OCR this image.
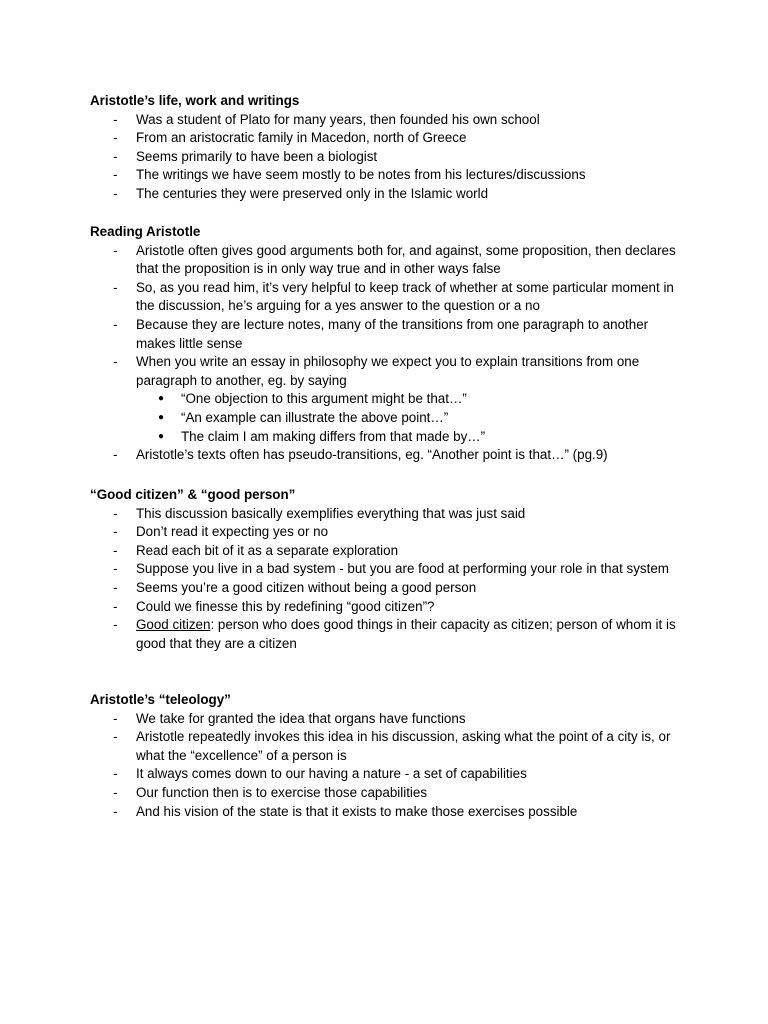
Aristotle’s life, work and writings
- Was a student of Plato for many years, then founded his own school
- From an aristocratic family in Macedon, north of Greece
- Seems primarily to have been a biologist
- The writings we have seem mostly to be notes from his lectures/discussions
- The centuries they were preserved only in the Islamic world
Reading Aristotle
- Aristotle often gives good arguments both for, and against, some proposition, then declares that the proposition is in only way true and in other ways false
- So, as you read him, it’s very helpful to keep track of whether at some particular moment in the discussion, he’s arguing for a yes answer to the question or a no
- Because they are lecture notes, many of the transitions from one paragraph to another makes little sense
- When you write an essay in philosophy we expect you to explain transitions from one paragraph to another, eg. by saying
● “One objection to this argument might be that…”
● “An example can illustrate the above point…”
● The claim I am making differs from that made by…”
- Aristotle’s texts often has pseudo-transitions, eg. “Another point is that…” (pg.9)
“Good citizen” & “good person”
- This discussion basically exemplifies everything that was just said
- Don’t read it expecting yes or no
- Read each bit of it as a separate exploration
- Suppose you live in a bad system - but you are food at performing your role in that system
- Seems you’re a good citizen without being a good person
- Could we finesse this by redefining “good citizen”?
- Good citizen: person who does good things in their capacity as citizen; person of whom it is good that they are a citizen
Aristotle’s “teleology”
- We take for granted the idea that organs have functions
- Aristotle repeatedly invokes this idea in his discussion, asking what the point of a city is, or what the “excellence” of a person is
- It always comes down to our having a nature - a set of capabilities
- Our function then is to exercise those capabilities
- And his vision of the state is that it exists to make those exercises possible
